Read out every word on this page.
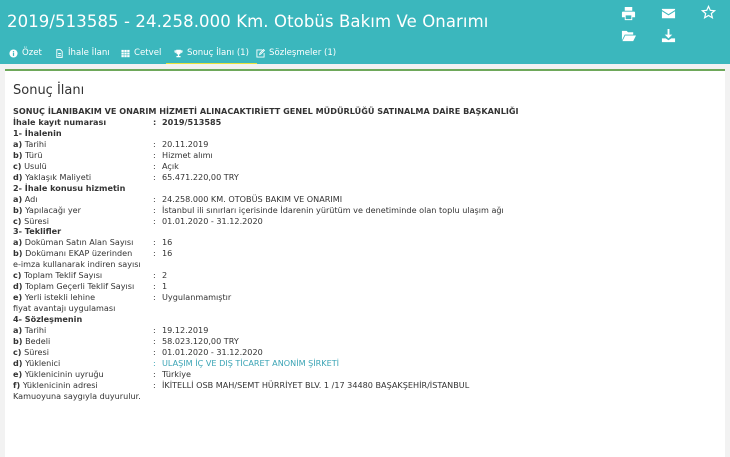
2019/513585 - 24.258.000 Km. Otobüs Bakım Ve Onarımı
Özet	İhale İlanı	Cetvel	Sonuç İlanı (1) Sözleşmeler (1)
Sonuç İlanı
SONUÇ İLANIBAKIM VE ONARIM HİZMETİ ALINACAKTIRİETT GENEL MÜDÜRLÜĞÜ SATINALMA DAİRE BAŞKANLIĞI
İhale kayıt numarası	: 2019/513585
1- İhalenin
a) Tarihi	: 20.11.2019
b) Türü	: Hizmet alımı
c) Usulü	: Açık
d) Yaklaşık Maliyeti	: 65.471.220,00 TRY
2- İhale konusu hizmetin
a) Adı	: 24.258.000 KM. OTOBÜS BAKIM VE ONARIMI
b) Yapılacağı yer	: İstanbul ili sınırları içerisinde İdarenin yürütüm ve denetiminde olan toplu ulaşım ağı
c) Süresi	: 01.01.2020 - 31.12.2020
3- Teklifler
a) Doküman Satın Alan Sayısı	: 16
b) Dokümanı EKAP üzerinden	: 16
e-imza kullanarak indiren sayısı
c) Toplam Teklif Sayısı	: 2
d) Toplam Geçerli Teklif Sayısı	: 1
e) Yerli istekli lehine	: Uygulanmamıştır
fiyat avantajı uygulaması
4- Sözleşmenin
a) Tarihi	: 19.12.2019
b) Bedeli	: 58.023.120,00 TRY
c) Süresi	: 01.01.2020 - 31.12.2020
d) Yüklenici	: ULAŞIM İÇ VE DIŞ TİCARET ANONİM ŞİRKETİ
e) Yüklenicinin uyruğu	: Türkiye
f) Yüklenicinin adresi	: İKİTELLİ OSB MAH/SEMT HÜRRİYET BLV. 1 /17 34480 BAŞAKŞEHİR/İSTANBUL
Kamuoyuna saygıyla duyurulur.
